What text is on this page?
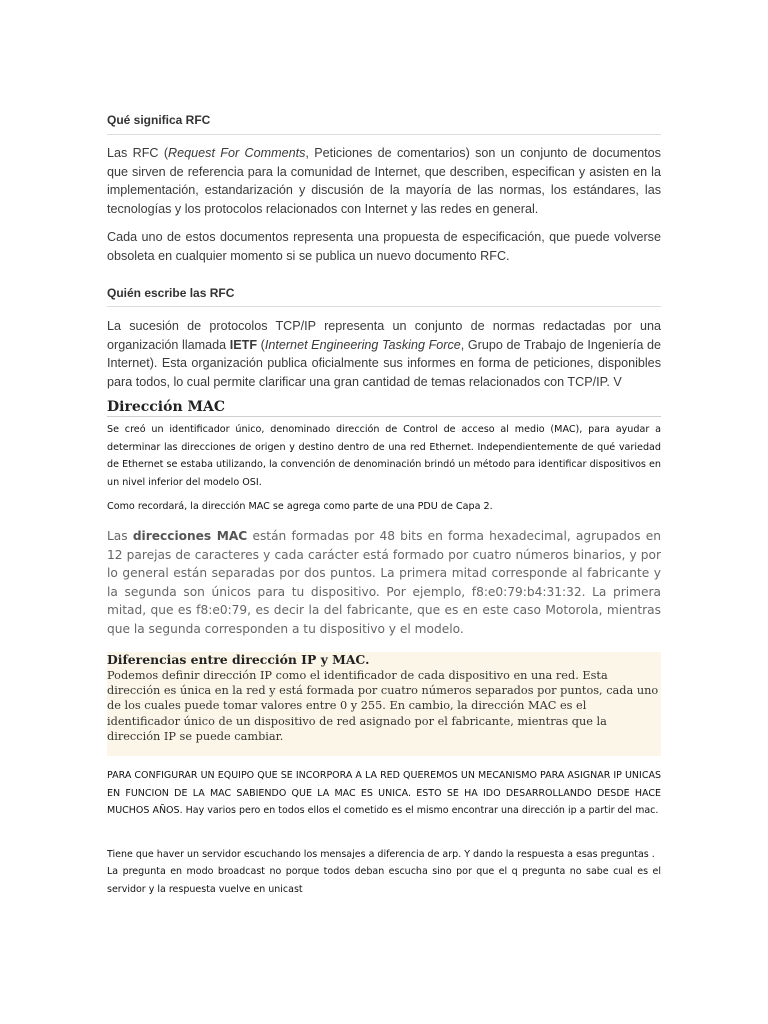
Qué significa RFC

Las RFC (Request For Comments, Peticiones de comentarios) son un conjunto de documentos que sirven de referencia para la comunidad de Internet, que describen, especifican y asisten en la implementación, estandarización y discusión de la mayoría de las normas, los estándares, las tecnologías y los protocolos relacionados con Internet y las redes en general.

Cada uno de estos documentos representa una propuesta de especificación, que puede volverse obsoleta en cualquier momento si se publica un nuevo documento RFC.

Quién escribe las RFC

La sucesión de protocolos TCP/IP representa un conjunto de normas redactadas por una organización llamada IETF (Internet Engineering Tasking Force, Grupo de Trabajo de Ingeniería de Internet). Esta organización publica oficialmente sus informes en forma de peticiones, disponibles para todos, lo cual permite clarificar una gran cantidad de temas relacionados con TCP/IP. V

Dirección MAC

Se creó un identificador único, denominado dirección de Control de acceso al medio (MAC), para ayudar a determinar las direcciones de origen y destino dentro de una red Ethernet. Independientemente de qué variedad de Ethernet se estaba utilizando, la convención de denominación brindó un método para identificar dispositivos en un nivel inferior del modelo OSI.

Como recordará, la dirección MAC se agrega como parte de una PDU de Capa 2.

Las direcciones MAC están formadas por 48 bits en forma hexadecimal, agrupados en 12 parejas de caracteres y cada carácter está formado por cuatro números binarios, y por lo general están separadas por dos puntos. La primera mitad corresponde al fabricante y la segunda son únicos para tu dispositivo. Por ejemplo, f8:e0:79:b4:31:32. La primera mitad, que es f8:e0:79, es decir la del fabricante, que es en este caso Motorola, mientras que la segunda corresponden a tu dispositivo y el modelo.

Diferencias entre dirección IP y MAC.

Podemos definir dirección IP como el identificador de cada dispositivo en una red. Esta dirección es única en la red y está formada por cuatro números separados por puntos, cada uno de los cuales puede tomar valores entre 0 y 255. En cambio, la dirección MAC es el identificador único de un dispositivo de red asignado por el fabricante, mientras que la dirección IP se puede cambiar.

PARA CONFIGURAR UN EQUIPO QUE SE INCORPORA A LA RED QUEREMOS UN MECANISMO PARA ASIGNAR IP UNICAS EN FUNCION DE LA MAC SABIENDO QUE LA MAC ES UNICA. ESTO SE HA IDO DESARROLLANDO DESDE HACE MUCHOS AÑOS. Hay varios pero en todos ellos el cometido es el mismo encontrar una dirección ip a partir del mac.

Tiene que haver un servidor escuchando los mensajes a diferencia de arp. Y dando la respuesta a esas preguntas .

La pregunta en modo broadcast no porque todos deban escucha sino por que el q pregunta no sabe cual es el servidor y la respuesta vuelve en unicast
